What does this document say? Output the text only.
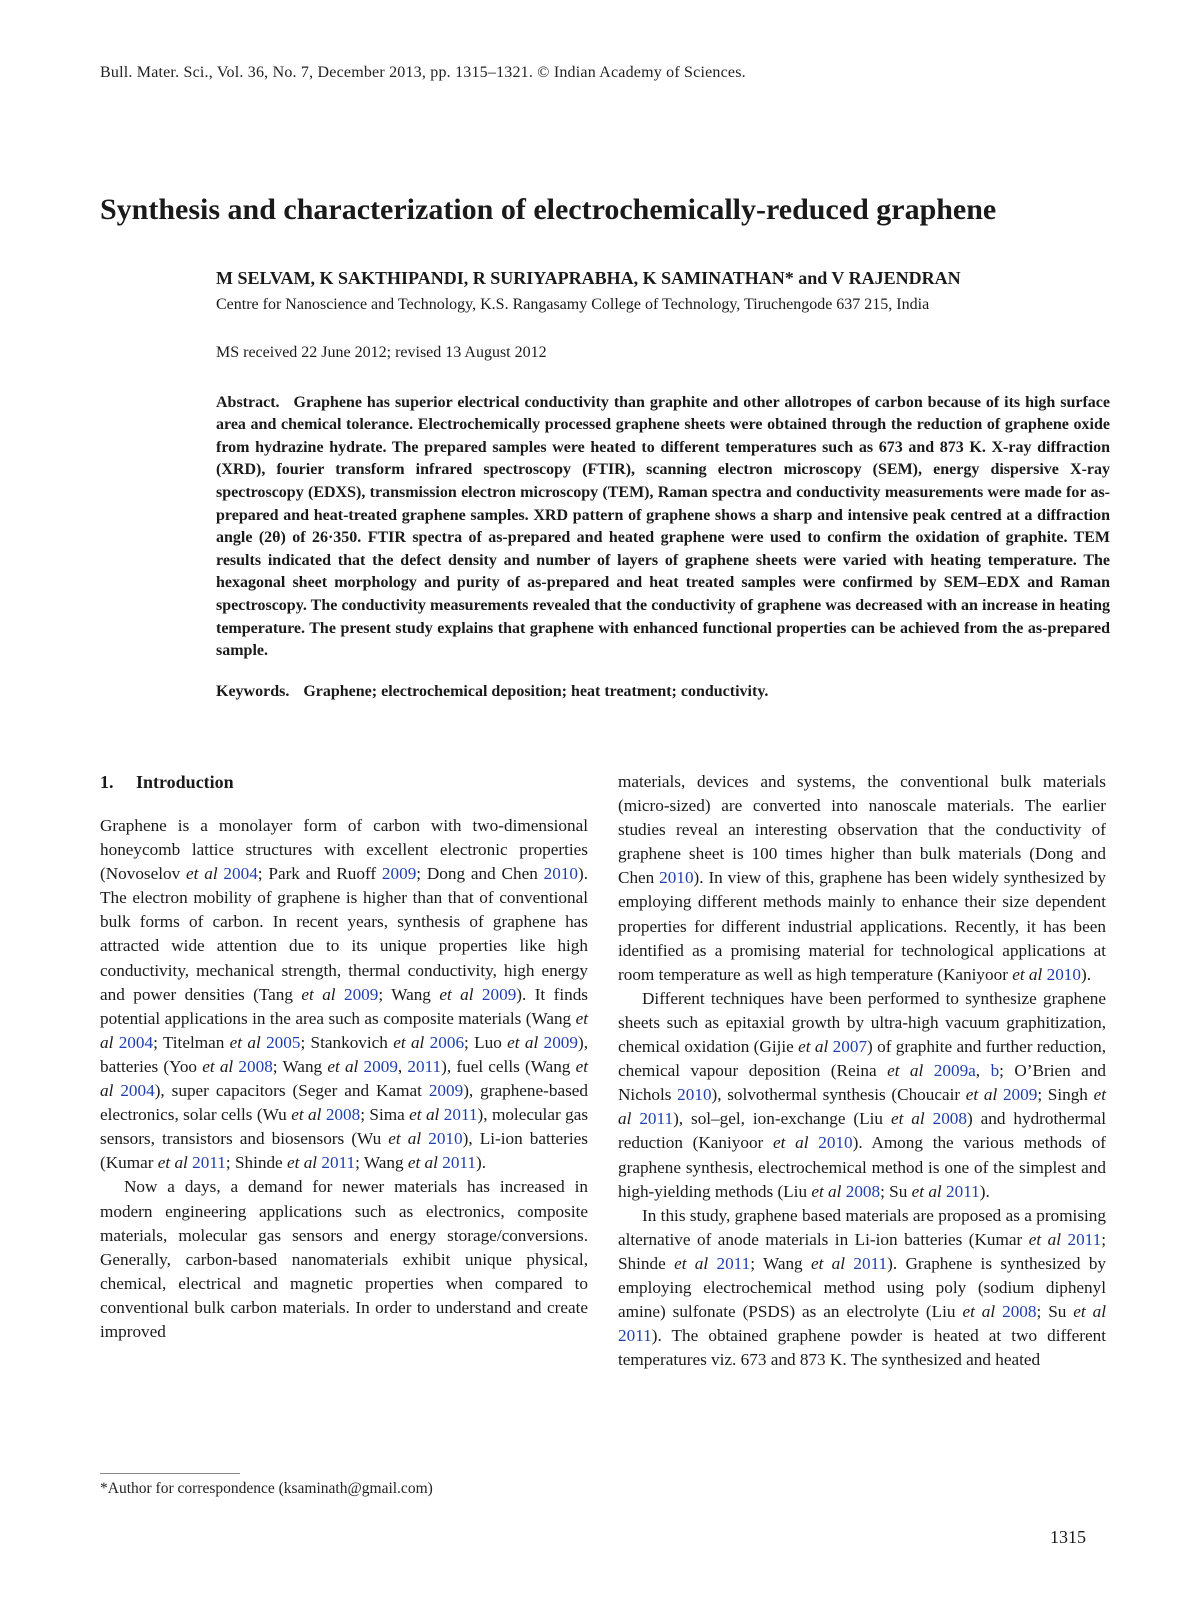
Bull. Mater. Sci., Vol. 36, No. 7, December 2013, pp. 1315–1321. © Indian Academy of Sciences.
Synthesis and characterization of electrochemically-reduced graphene

M SELVAM, K SAKTHIPANDI, R SURIYAPRABHA, K SAMINATHAN* and V RAJENDRAN

Centre for Nanoscience and Technology, K.S. Rangasamy College of Technology, Tiruchengode 637 215, India

MS received 22 June 2012; revised 13 August 2012

Abstract. Graphene has superior electrical conductivity than graphite and other allotropes of carbon because of its high surface area and chemical tolerance. Electrochemically processed graphene sheets were obtained through the reduction of graphene oxide from hydrazine hydrate. The prepared samples were heated to different temperatures such as 673 and 873 K. X-ray diffraction (XRD), fourier transform infrared spectroscopy (FTIR), scanning electron microscopy (SEM), energy dispersive X-ray spectroscopy (EDXS), transmission electron microscopy (TEM), Raman spectra and conductivity measurements were made for as-prepared and heat-treated graphene samples. XRD pattern of graphene shows a sharp and intensive peak centred at a diffraction angle (2θ) of 26·350. FTIR spectra of as-prepared and heated graphene were used to confirm the oxidation of graphite. TEM results indicated that the defect density and number of layers of graphene sheets were varied with heating temperature. The hexagonal sheet morphology and purity of as-prepared and heat treated samples were confirmed by SEM–EDX and Raman spectroscopy. The conductivity measurements revealed that the conductivity of graphene was decreased with an increase in heating temperature. The present study explains that graphene with enhanced functional properties can be achieved from the as-prepared sample.

Keywords. Graphene; electrochemical deposition; heat treatment; conductivity.

1. Introduction

Graphene is a monolayer form of carbon with two-dimensional honeycomb lattice structures with excellent electronic properties (Novoselov et al 2004; Park and Ruoff 2009; Dong and Chen 2010). The electron mobility of graphene is higher than that of conventional bulk forms of carbon. In recent years, synthesis of graphene has attracted wide attention due to its unique properties like high conductivity, mechanical strength, thermal conductivity, high energy and power densities (Tang et al 2009; Wang et al 2009). It finds potential applications in the area such as composite materials (Wang et al 2004; Titelman et al 2005; Stankovich et al 2006; Luo et al 2009), batteries (Yoo et al 2008; Wang et al 2009, 2011), fuel cells (Wang et al 2004), super capacitors (Seger and Kamat 2009), graphene-based electronics, solar cells (Wu et al 2008; Sima et al 2011), molecular gas sensors, transistors and biosensors (Wu et al 2010), Li-ion batteries (Kumar et al 2011; Shinde et al 2011; Wang et al 2011).

Now a days, a demand for newer materials has increased in modern engineering applications such as electronics, composite materials, molecular gas sensors and energy storage/conversions. Generally, carbon-based nanomaterials exhibit unique physical, chemical, electrical and magnetic properties when compared to conventional bulk carbon materials. In order to understand and create improved

materials, devices and systems, the conventional bulk materials (micro-sized) are converted into nanoscale materials. The earlier studies reveal an interesting observation that the conductivity of graphene sheet is 100 times higher than bulk materials (Dong and Chen 2010). In view of this, graphene has been widely synthesized by employing different methods mainly to enhance their size dependent properties for different industrial applications. Recently, it has been identified as a promising material for technological applications at room temperature as well as high temperature (Kaniyoor et al 2010).

Different techniques have been performed to synthesize graphene sheets such as epitaxial growth by ultra-high vacuum graphitization, chemical oxidation (Gijie et al 2007) of graphite and further reduction, chemical vapour deposition (Reina et al 2009a, b; O’Brien and Nichols 2010), solvothermal synthesis (Choucair et al 2009; Singh et al 2011), sol–gel, ion-exchange (Liu et al 2008) and hydrothermal reduction (Kaniyoor et al 2010). Among the various methods of graphene synthesis, electrochemical method is one of the simplest and high-yielding methods (Liu et al 2008; Su et al 2011).

In this study, graphene based materials are proposed as a promising alternative of anode materials in Li-ion batteries (Kumar et al 2011; Shinde et al 2011; Wang et al 2011). Graphene is synthesized by employing electrochemical method using poly (sodium diphenyl amine) sulfonate (PSDS) as an electrolyte (Liu et al 2008; Su et al 2011). The obtained graphene powder is heated at two different temperatures viz. 673 and 873 K. The synthesized and heated

*Author for correspondence (ksaminath@gmail.com)
1315
